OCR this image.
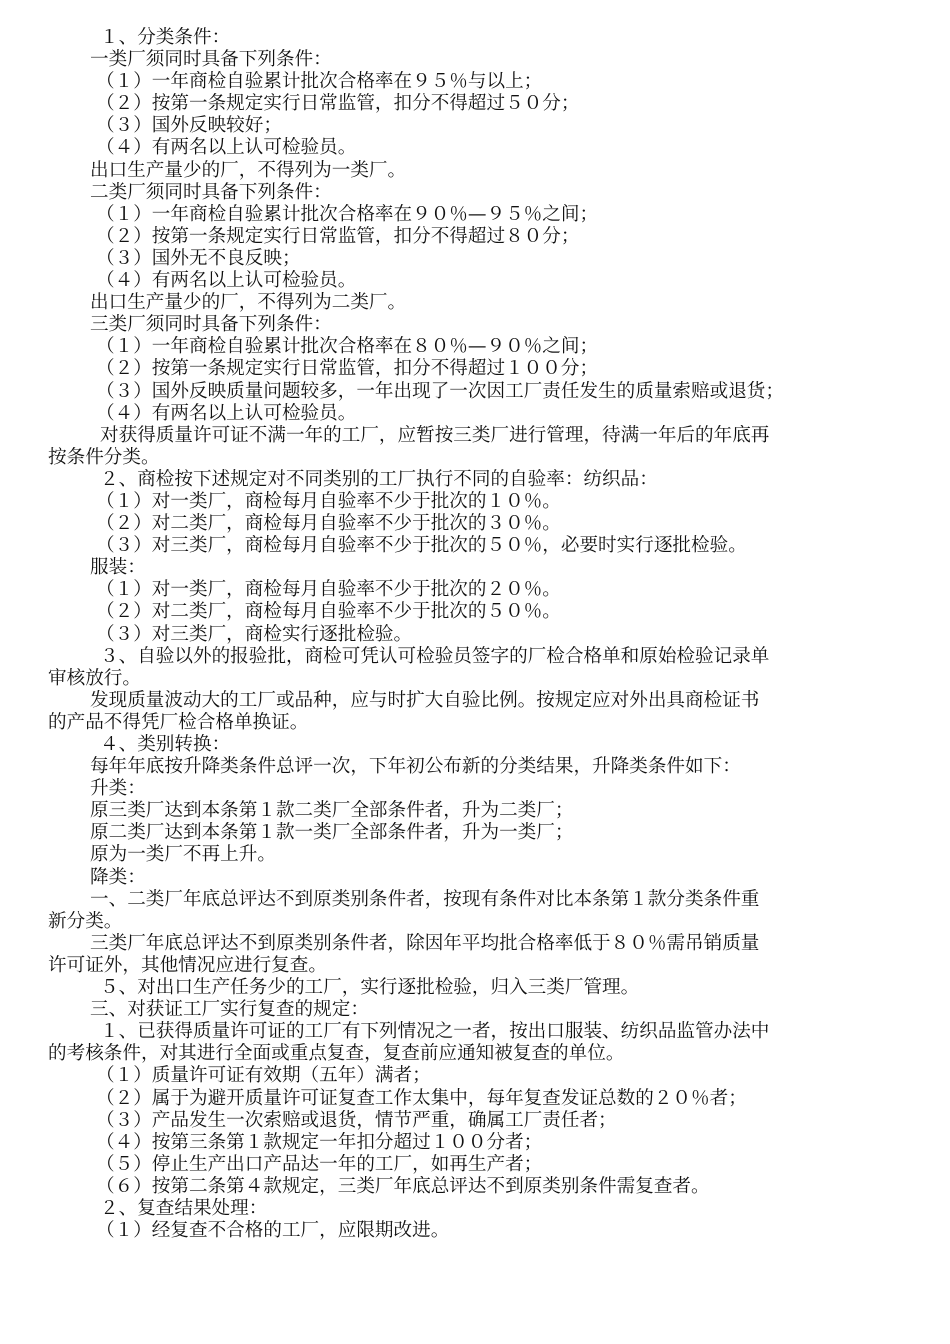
１、分类条件：
一类厂须同时具备下列条件：
（１）一年商检自验累计批次合格率在９５％与以上；
（２）按第一条规定实行日常监管，扣分不得超过５０分；
（３）国外反映较好；
（４）有两名以上认可检验员。
出口生产量少的厂，不得列为一类厂。
二类厂须同时具备下列条件：
（１）一年商检自验累计批次合格率在９０％—９５％之间；
（２）按第一条规定实行日常监管，扣分不得超过８０分；
（３）国外无不良反映；
（４）有两名以上认可检验员。
出口生产量少的厂，不得列为二类厂。
三类厂须同时具备下列条件：
（１）一年商检自验累计批次合格率在８０％—９０％之间；
（２）按第一条规定实行日常监管，扣分不得超过１００分；
（３）国外反映质量问题较多，一年出现了一次因工厂责任发生的质量索赔或退货；
（４）有两名以上认可检验员。
对获得质量许可证不满一年的工厂，应暂按三类厂进行管理，待满一年后的年底再
按条件分类。
２、商检按下述规定对不同类别的工厂执行不同的自验率：纺织品：
（１）对一类厂，商检每月自验率不少于批次的１０％。
（２）对二类厂，商检每月自验率不少于批次的３０％。
（３）对三类厂，商检每月自验率不少于批次的５０％，必要时实行逐批检验。
服装：
（１）对一类厂，商检每月自验率不少于批次的２０％。
（２）对二类厂，商检每月自验率不少于批次的５０％。
（３）对三类厂，商检实行逐批检验。
３、自验以外的报验批，商检可凭认可检验员签字的厂检合格单和原始检验记录单
审核放行。
发现质量波动大的工厂或品种，应与时扩大自验比例。按规定应对外出具商检证书
的产品不得凭厂检合格单换证。
４、类别转换：
每年年底按升降类条件总评一次，下年初公布新的分类结果，升降类条件如下：
升类：
原三类厂达到本条第１款二类厂全部条件者，升为二类厂；
原二类厂达到本条第１款一类厂全部条件者，升为一类厂；
原为一类厂不再上升。
降类：
一、二类厂年底总评达不到原类别条件者，按现有条件对比本条第１款分类条件重
新分类。
三类厂年底总评达不到原类别条件者，除因年平均批合格率低于８０％需吊销质量
许可证外，其他情况应进行复查。
５、对出口生产任务少的工厂，实行逐批检验，归入三类厂管理。
三、对获证工厂实行复查的规定：
１、已获得质量许可证的工厂有下列情况之一者，按出口服装、纺织品监管办法中
的考核条件，对其进行全面或重点复查，复查前应通知被复查的单位。
（１）质量许可证有效期（五年）满者；
（２）属于为避开质量许可证复查工作太集中，每年复查发证总数的２０％者；
（３）产品发生一次索赔或退货，情节严重，确属工厂责任者；
（４）按第三条第１款规定一年扣分超过１００分者；
（５）停止生产出口产品达一年的工厂，如再生产者；
（６）按第二条第４款规定，三类厂年底总评达不到原类别条件需复查者。
２、复查结果处理：
（１）经复查不合格的工厂，应限期改进。
